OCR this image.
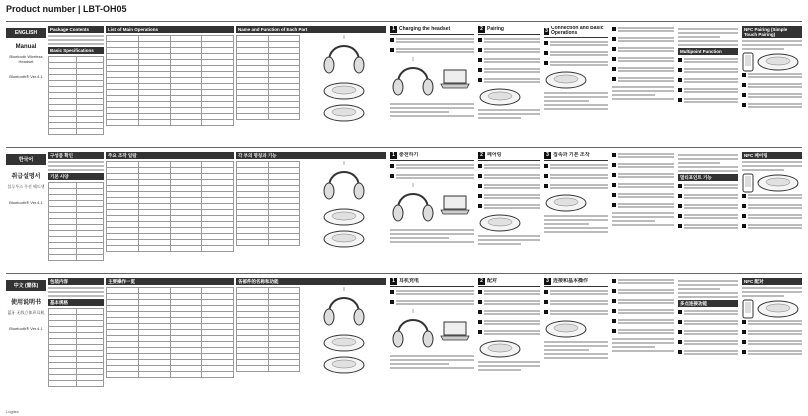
Product number | LBT-OH05
ENGLISH
Manual
Bluetooth Wireless Headset
Bluetooth® Ver.4.1
Package Contents
Basic Specifications

List of Main Operations

				Name and Function of Each Part

		1 Charging the headset	2 Pairing	3 Connection and Basic Operations
Multipoint Function
NFC Pairing (Simple Touch Pairing)
한국어
취급설명서
블루투스 무선 헤드셋
Bluetooth® Ver.4.1
구성품 확인
기본 사양

주요 조작 일람

				각 부의 명칭과 기능

		1 충전하기	2 페어링	3 접속과 기본 조작
멀티포인트 기능
NFC 페어링
中文 (簡体)
使用说明书
蓝牙 无线立体声耳机
Bluetooth® Ver.4.1
包装内容
基本规格

主要操作一览

				各部件的名称和功能

		1 耳机充电	2 配对	3 连接和基本操作
多点连接功能
NFC 配对
Logitec
